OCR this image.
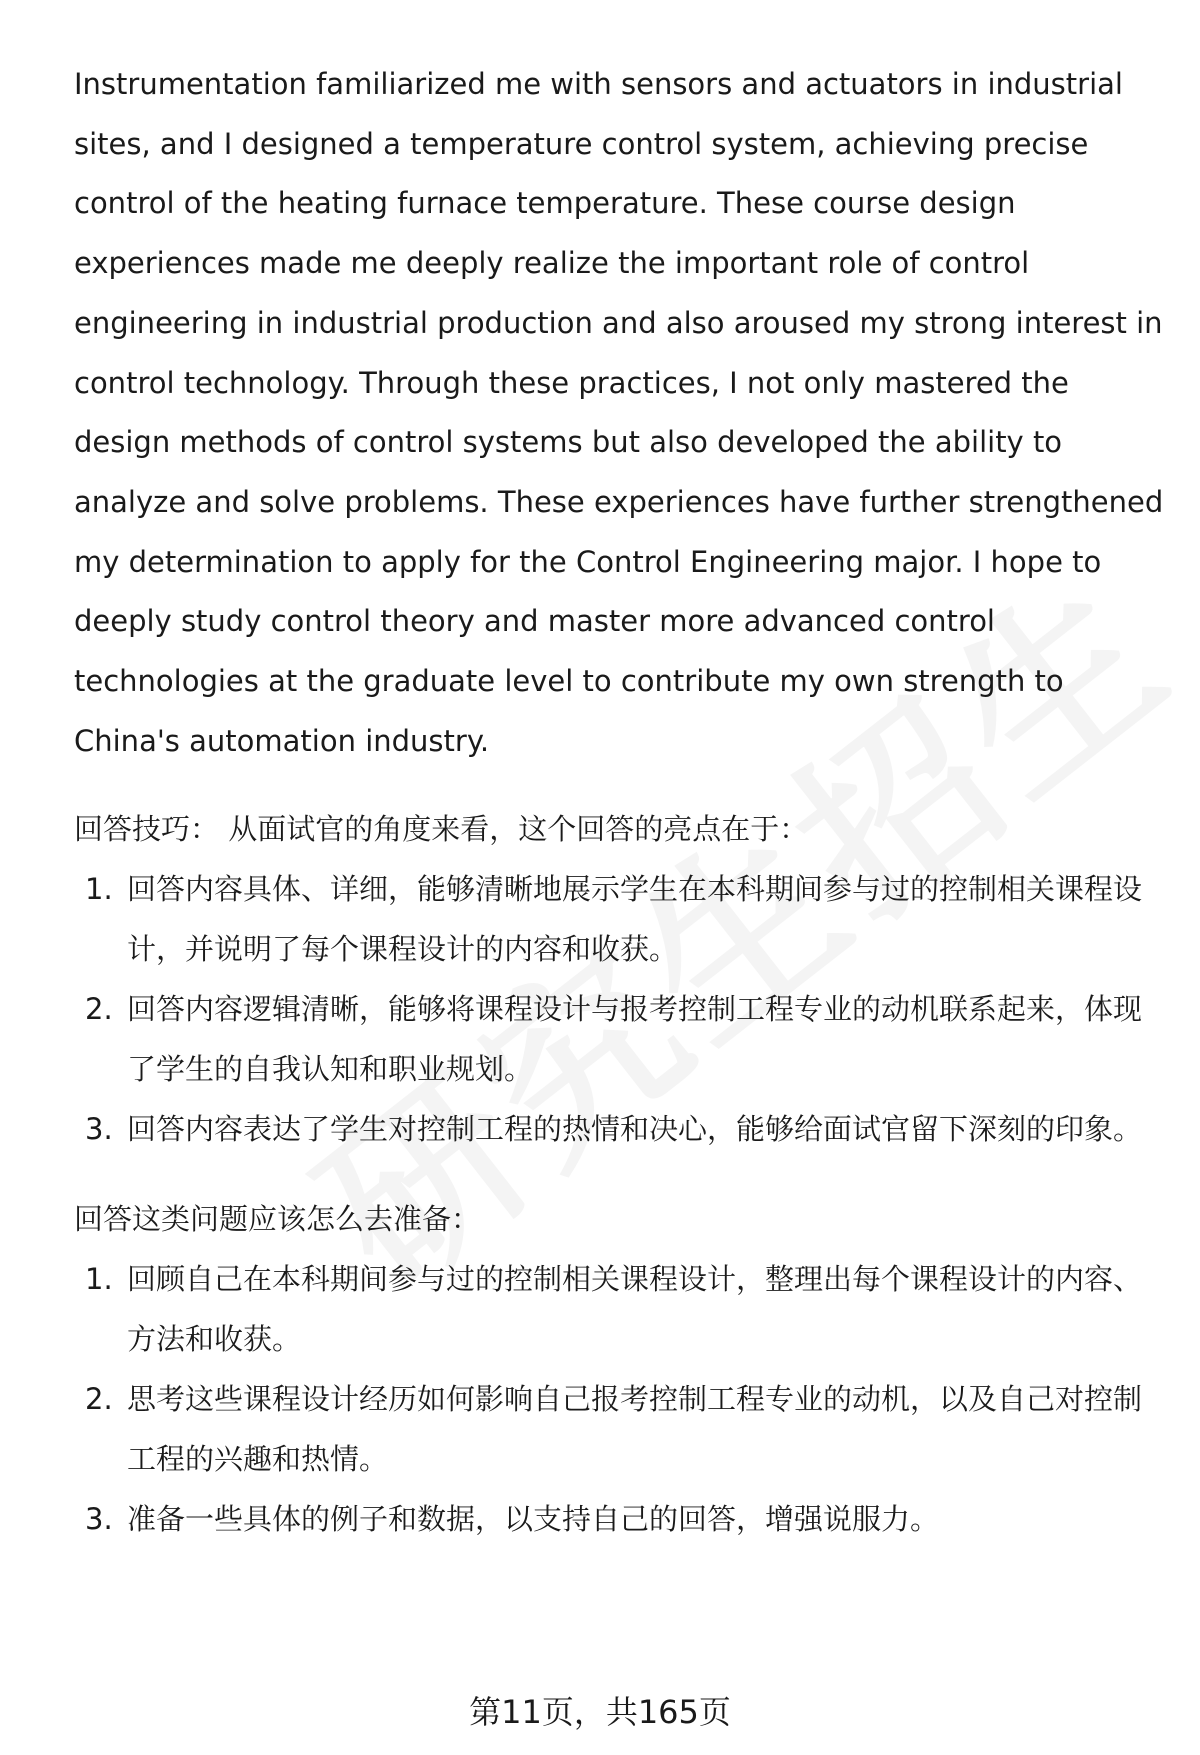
Instrumentation familiarized me with sensors and actuators in industrial sites, and I designed a temperature control system, achieving precise control of the heating furnace temperature. These course design experiences made me deeply realize the important role of control engineering in industrial production and also aroused my strong interest in control technology. Through these practices, I not only mastered the design methods of control systems but also developed the ability to analyze and solve problems. These experiences have further strengthened my determination to apply for the Control Engineering major. I hope to deeply study control theory and master more advanced control technologies at the graduate level to contribute my own strength to China's automation industry.

回答技巧： 从面试官的角度来看，这个回答的亮点在于：

1. 回答内容具体、详细，能够清晰地展示学生在本科期间参与过的控制相关课程设计，并说明了每个课程设计的内容和收获。
2. 回答内容逻辑清晰，能够将课程设计与报考控制工程专业的动机联系起来，体现了学生的自我认知和职业规划。
3. 回答内容表达了学生对控制工程的热情和决心，能够给面试官留下深刻的印象。

回答这类问题应该怎么去准备：

1. 回顾自己在本科期间参与过的控制相关课程设计，整理出每个课程设计的内容、方法和收获。
2. 思考这些课程设计经历如何影响自己报考控制工程专业的动机，以及自己对控制工程的兴趣和热情。
3. 准备一些具体的例子和数据，以支持自己的回答，增强说服力。
第11页，共165页
